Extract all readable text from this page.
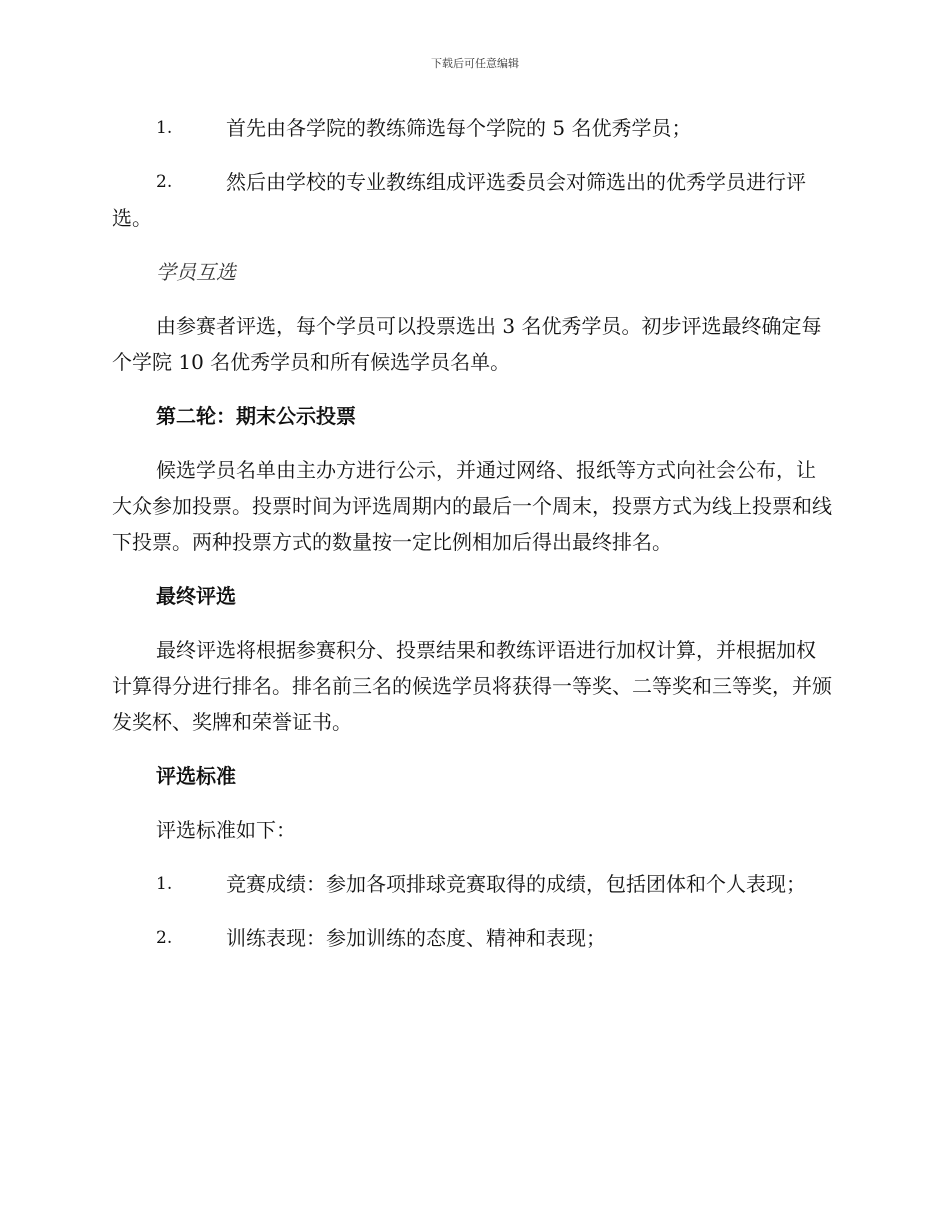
下载后可任意编辑
1.	首先由各学院的教练筛选每个学院的 5 名优秀学员；
2.	然后由学校的专业教练组成评选委员会对筛选出的优秀学员进行评选。
学员互选
由参赛者评选，每个学员可以投票选出 3 名优秀学员。初步评选最终确定每个学院 10 名优秀学员和所有候选学员名单。
第二轮：期末公示投票
候选学员名单由主办方进行公示，并通过网络、报纸等方式向社会公布，让大众参加投票。投票时间为评选周期内的最后一个周末，投票方式为线上投票和线下投票。两种投票方式的数量按一定比例相加后得出最终排名。
最终评选
最终评选将根据参赛积分、投票结果和教练评语进行加权计算，并根据加权计算得分进行排名。排名前三名的候选学员将获得一等奖、二等奖和三等奖，并颁发奖杯、奖牌和荣誉证书。
评选标准
评选标准如下：
1.	竞赛成绩：参加各项排球竞赛取得的成绩，包括团体和个人表现；
2.	训练表现：参加训练的态度、精神和表现；
